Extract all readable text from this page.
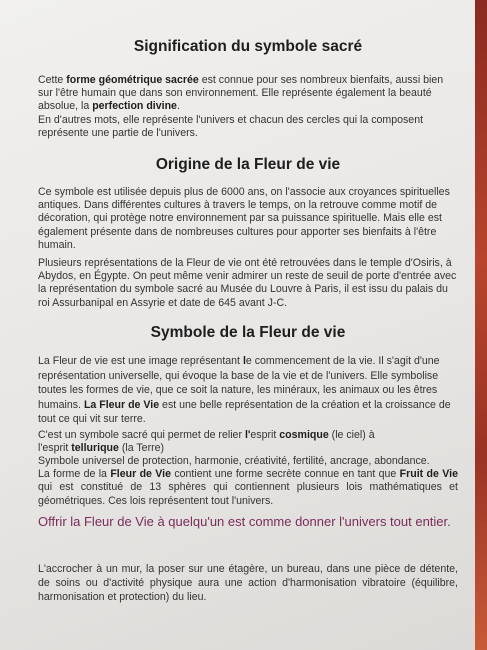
Signification du symbole sacré

Cette forme géométrique sacrée est connue pour ses nombreux bienfaits, aussi bien sur l'être humain que dans son environnement. Elle représente également la beauté absolue, la perfection divine.

En d'autres mots, elle représente l'univers et chacun des cercles qui la composent représente une partie de l'univers.

Origine de la Fleur de vie

Ce symbole est utilisée depuis plus de 6000 ans, on l'associe aux croyances spirituelles antiques. Dans différentes cultures à travers le temps, on la retrouve comme motif de décoration, qui protège notre environnement par sa puissance spirituelle. Mais elle est également présente dans de nombreuses cultures pour apporter ses bienfaits à l'être humain.

Plusieurs représentations de la Fleur de vie ont été retrouvées dans le temple d'Osiris, à Abydos, en Égypte. On peut même venir admirer un reste de seuil de porte d'entrée avec la représentation du symbole sacré au Musée du Louvre à Paris, il est issu du palais du roi Assurbanipal en Assyrie et date de 645 avant J-C.

Symbole de la Fleur de vie

La Fleur de vie est une image représentant le commencement de la vie. Il s'agit d'une représentation universelle, qui évoque la base de la vie et de l'univers. Elle symbolise toutes les formes de vie, que ce soit la nature, les minéraux, les animaux ou les êtres humains. La Fleur de Vie est une belle représentation de la création et la croissance de tout ce qui vit sur terre.

C'est un symbole sacré qui permet de relier l'esprit cosmique (le ciel) à
l'esprit tellurique (la Terre)

Symbole universel de protection, harmonie, créativité, fertilité, ancrage, abondance.

La forme de la Fleur de Vie contient une forme secrète connue en tant que Fruit de Vie qui est constitué de 13 sphères qui contiennent plusieurs lois mathématiques et géométriques. Ces lois représentent tout l'univers.

Offrir la Fleur de Vie à quelqu'un est comme donner l'univers tout entier.

L'accrocher à un mur, la poser sur une étagère, un bureau, dans une pièce de détente, de soins ou d'activité physique aura une action d'harmonisation vibratoire (équilibre, harmonisation et protection) du lieu.
